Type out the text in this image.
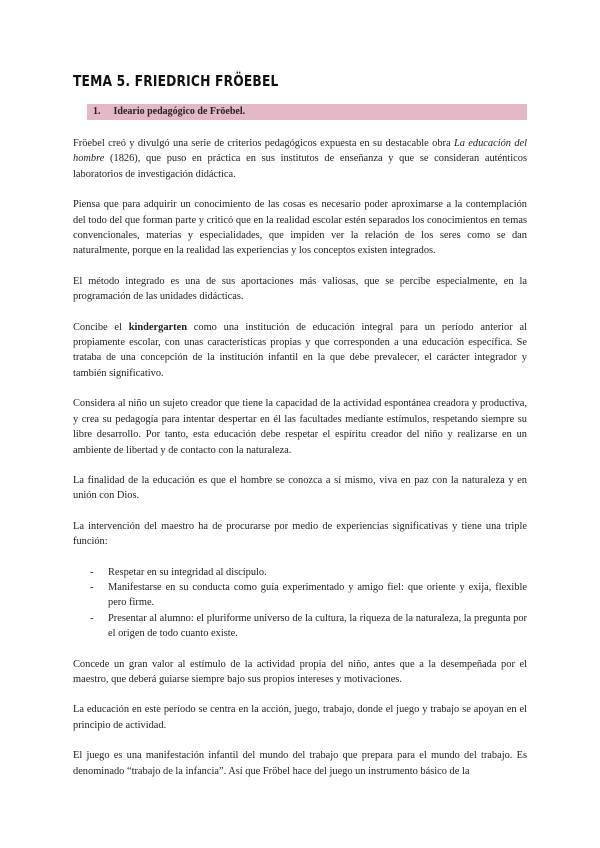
TEMA 5. FRIEDRICH FRÖEBEL
1. Ideario pedagógico de Fröebel.

Fröebel creó y divulgó una serie de criterios pedagógicos expuesta en su destacable obra La educación del hombre (1826), que puso en práctica en sus institutos de enseñanza y que se consideran auténticos laboratorios de investigación didáctica.

Piensa que para adquirir un conocimiento de las cosas es necesario poder aproximarse a la contemplación del todo del que forman parte y criticó que en la realidad escolar estén separados los conocimientos en temas convencionales, materias y especialidades, que impiden ver la relación de los seres como se dan naturalmente, porque en la realidad las experiencias y los conceptos existen integrados.

El método integrado es una de sus aportaciones más valiosas, que se percibe especialmente, en la programación de las unidades didácticas.

Concibe el kindergarten como una institución de educación integral para un período anterior al propiamente escolar, con unas características propias y que corresponden a una educación específica. Se trataba de una concepción de la institución infantil en la que debe prevalecer, el carácter integrador y también significativo.

Considera al niño un sujeto creador que tiene la capacidad de la actividad espontánea creadora y productiva, y crea su pedagogía para intentar despertar en él las facultades mediante estímulos, respetando siempre su libre desarrollo. Por tanto, esta educación debe respetar el espíritu creador del niño y realizarse en un ambiente de libertad y de contacto con la naturaleza.

La finalidad de la educación es que el hombre se conozca a sí mismo, viva en paz con la naturaleza y en unión con Dios.

La intervención del maestro ha de procurarse por medio de experiencias significativas y tiene una triple función:

- Respetar en su integridad al discípulo.
- Manifestarse en su conducta como guía experimentado y amigo fiel: que oriente y exija, flexible pero firme.
- Presentar al alumno: el pluriforme universo de la cultura, la riqueza de la naturaleza, la pregunta por el origen de todo cuanto existe.

Concede un gran valor al estímulo de la actividad propia del niño, antes que a la desempeñada por el maestro, que deberá guiarse siempre bajo sus propios intereses y motivaciones.

La educación en este período se centra en la acción, juego, trabajo, donde el juego y trabajo se apoyan en el principio de actividad.

El juego es una manifestación infantil del mundo del trabajo que prepara para el mundo del trabajo. Es denominado “trabajo de la infancia”. Así que Fröbel hace del juego un instrumento básico de la
